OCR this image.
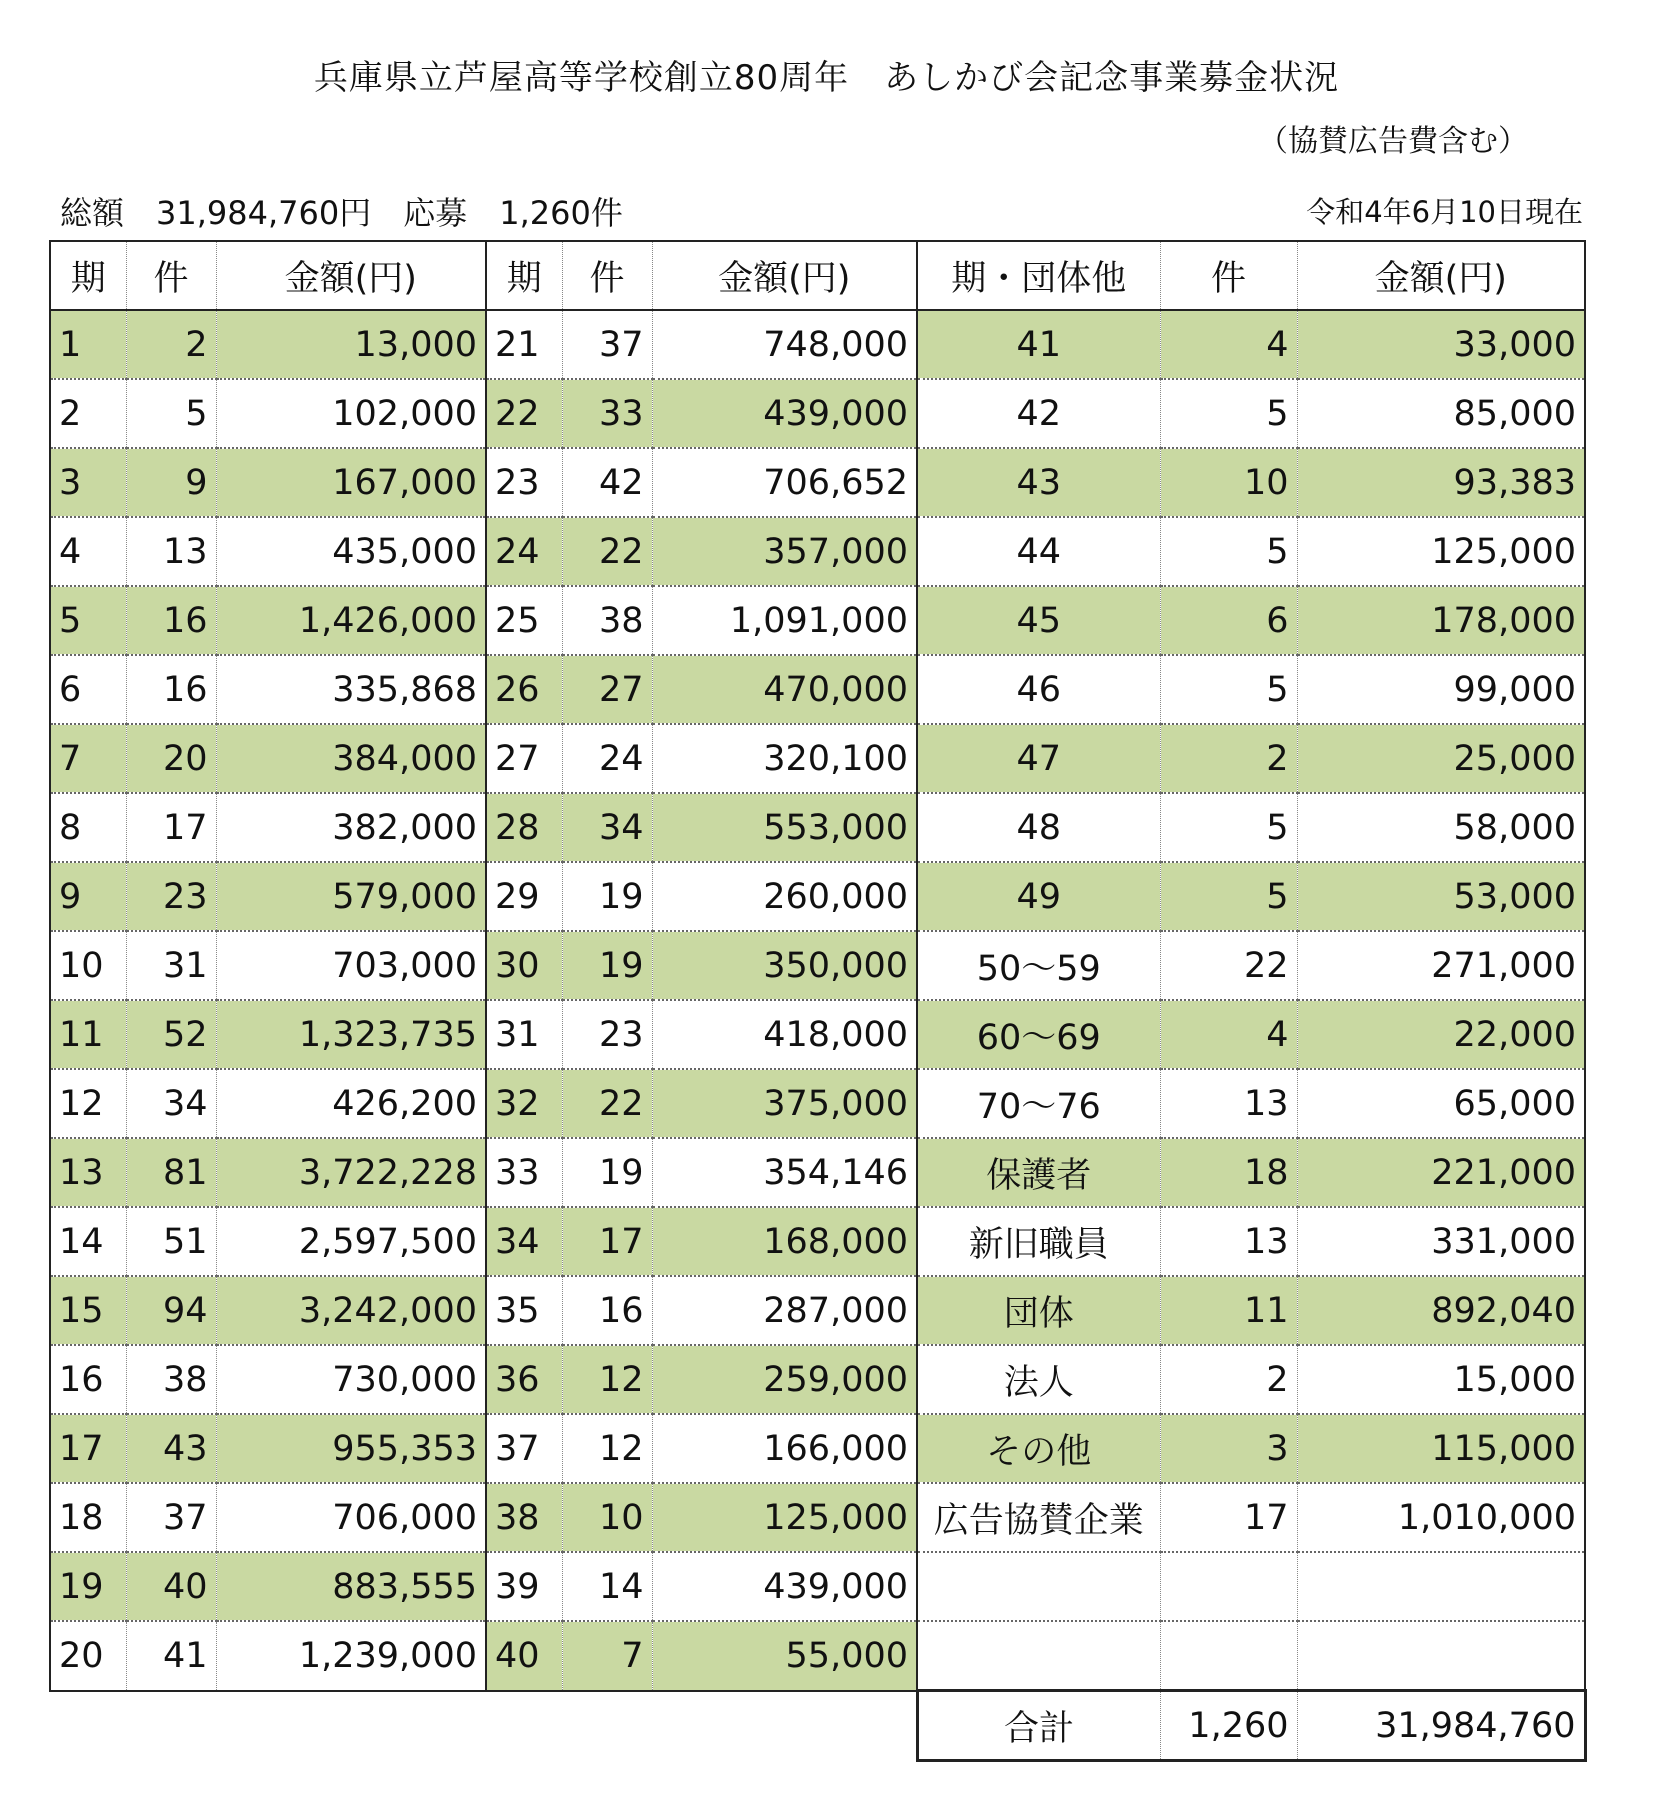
兵庫県立芦屋高等学校創立80周年　あしかび会記念事業募金状況
（協賛広告費含む）
総額　31,984,760円　応募　1,260件	令和4年6月10日現在
期	件	金額(円)	期	件	金額(円)	期・団体他	件	金額(円)
1	2	13,000	21	37	748,000	41	4	33,000
2	5	102,000	22	33	439,000	42	5	85,000
3	9	167,000	23	42	706,652	43	10	93,383
4	13	435,000	24	22	357,000	44	5	125,000
5	16	1,426,000	25	38	1,091,000	45	6	178,000
6	16	335,868	26	27	470,000	46	5	99,000
7	20	384,000	27	24	320,100	47	2	25,000
8	17	382,000	28	34	553,000	48	5	58,000
9	23	579,000	29	19	260,000	49	5	53,000
10	31	703,000	30	19	350,000	50～59	22	271,000
11	52	1,323,735	31	23	418,000	60～69	4	22,000
12	34	426,200	32	22	375,000	70～76	13	65,000
13	81	3,722,228	33	19	354,146	保護者	18	221,000
14	51	2,597,500	34	17	168,000	新旧職員	13	331,000
15	94	3,242,000	35	16	287,000	団体	11	892,040
16	38	730,000	36	12	259,000	法人	2	15,000
17	43	955,353	37	12	166,000	その他	3	115,000
18	37	706,000	38	10	125,000	広告協賛企業	17	1,010,000
19	40	883,555	39	14	439,000			
20	41	1,239,000	40	7	55,000			
						合計	1,260	31,984,760
